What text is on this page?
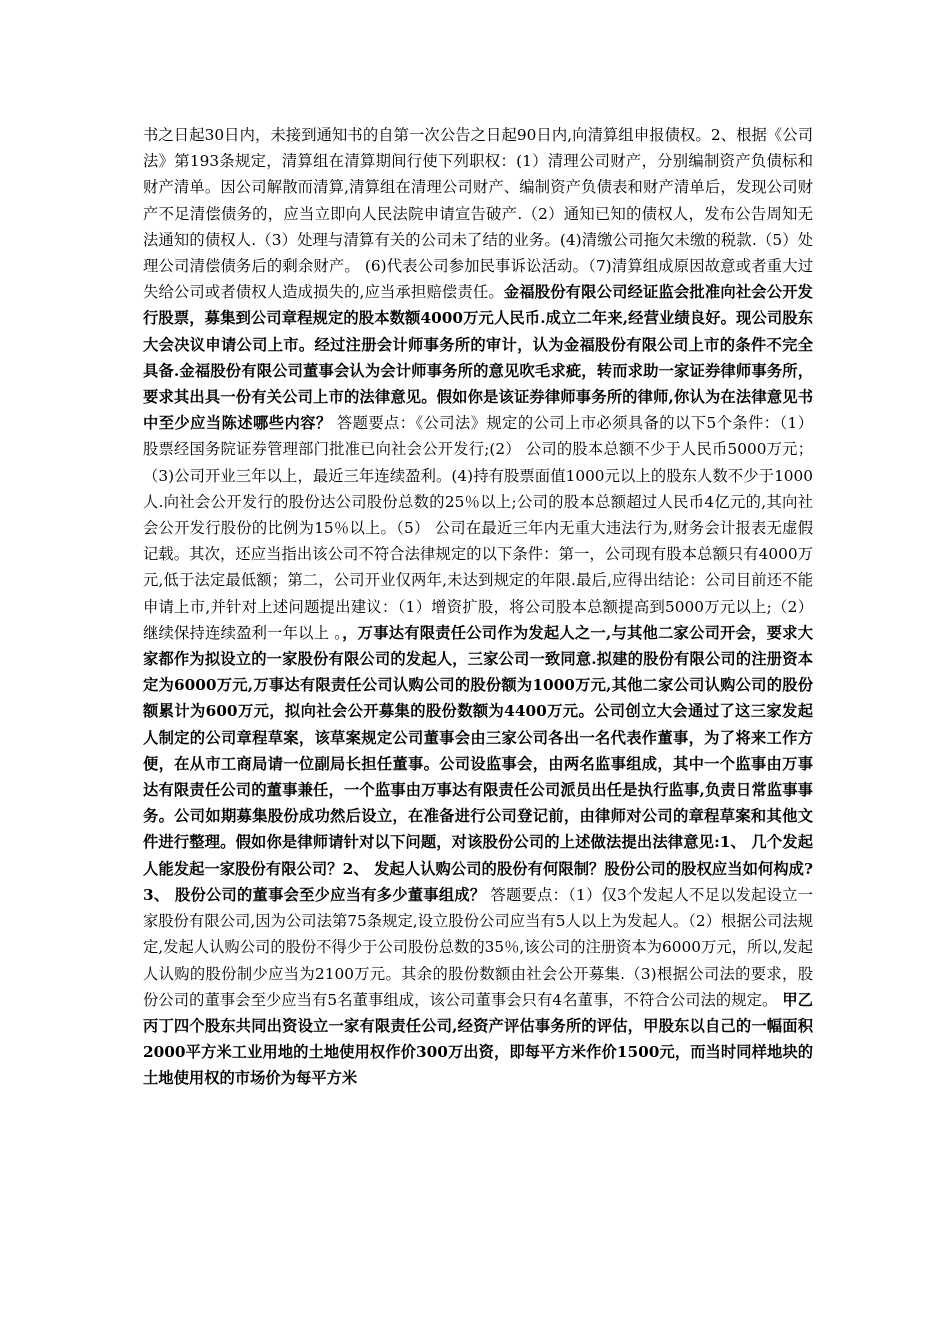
书之日起30日内，未接到通知书的自第一次公告之日起90日内,向清算组申报债权。2、根据《公司法》第193条规定，清算组在清算期间行使下列职权：(1）清理公司财产，分别编制资产负债标和财产清单。因公司解散而清算,清算组在清理公司财产、编制资产负债表和财产清单后，发现公司财产不足清偿债务的，应当立即向人民法院申请宣告破产.（2）通知已知的债权人，发布公告周知无法通知的债权人.（3）处理与清算有关的公司未了结的业务。(4)清缴公司拖欠未缴的税款.（5）处理公司清偿债务后的剩余财产。 (6)代表公司参加民事诉讼活动。（7)清算组成原因故意或者重大过失给公司或者债权人造成损失的,应当承担赔偿责任。金福股份有限公司经证监会批准向社会公开发行股票，募集到公司章程规定的股本数额4000万元人民币.成立二年来,经营业绩良好。现公司股东大会决议申请公司上市。经过注册会计师事务所的审计，认为金福股份有限公司上市的条件不完全具备.金福股份有限公司董事会认为会计师事务所的意见吹毛求疵，转而求助一家证券律师事务所，要求其出具一份有关公司上市的法律意见。假如你是该证券律师事务所的律师,你认为在法律意见书中至少应当陈述哪些内容？ 答题要点：《公司法》规定的公司上市必须具备的以下5个条件：（1） 股票经国务院证券管理部门批准已向社会公开发行;(2） 公司的股本总额不少于人民币5000万元；（3)公司开业三年以上，最近三年连续盈利。(4)持有股票面值1000元以上的股东人数不少于1000人.向社会公开发行的股份达公司股份总数的25％以上;公司的股本总额超过人民币4亿元的,其向社会公开发行股份的比例为15％以上。（5） 公司在最近三年内无重大违法行为,财务会计报表无虚假记载。其次，还应当指出该公司不符合法律规定的以下条件：第一，公司现有股本总额只有4000万元,低于法定最低额；第二，公司开业仅两年,未达到规定的年限.最后,应得出结论：公司目前还不能申请上市,并针对上述问题提出建议：（1）增资扩股，将公司股本总额提高到5000万元以上;（2）继续保持连续盈利一年以上 。，万事达有限责任公司作为发起人之一,与其他二家公司开会，要求大家都作为拟设立的一家股份有限公司的发起人，三家公司一致同意.拟建的股份有限公司的注册资本定为6000万元,万事达有限责任公司认购公司的股份额为1000万元,其他二家公司认购公司的股份额累计为600万元，拟向社会公开募集的股份数额为4400万元。公司创立大会通过了这三家发起人制定的公司章程草案，该草案规定公司董事会由三家公司各出一名代表作董事，为了将来工作方便，在从市工商局请一位副局长担任董事。公司设监事会，由两名监事组成，其中一个监事由万事达有限责任公司的董事兼任，一个监事由万事达有限责任公司派员出任是执行监事,负责日常监事事务。公司如期募集股份成功然后设立，在准备进行公司登记前，由律师对公司的章程草案和其他文件进行整理。假如你是律师请针对以下问题，对该股份公司的上述做法提出法律意见:1、 几个发起人能发起一家股份有限公司？2、 发起人认购公司的股份有何限制？股份公司的股权应当如何构成?3、 股份公司的董事会至少应当有多少董事组成？ 答题要点：（1）仅3个发起人不足以发起设立一家股份有限公司,因为公司法第75条规定,设立股份公司应当有5人以上为发起人。（2）根据公司法规定,发起人认购公司的股份不得少于公司股份总数的35％,该公司的注册资本为6000万元，所以,发起人认购的股份制少应当为2100万元。其余的股份数额由社会公开募集.（3)根据公司法的要求，股份公司的董事会至少应当有5名董事组成，该公司董事会只有4名董事，不符合公司法的规定。 甲乙丙丁四个股东共同出资设立一家有限责任公司,经资产评估事务所的评估，甲股东以自己的一幅面积2000平方米工业用地的土地使用权作价300万出资，即每平方米作价1500元，而当时同样地块的土地使用权的市场价为每平方米
